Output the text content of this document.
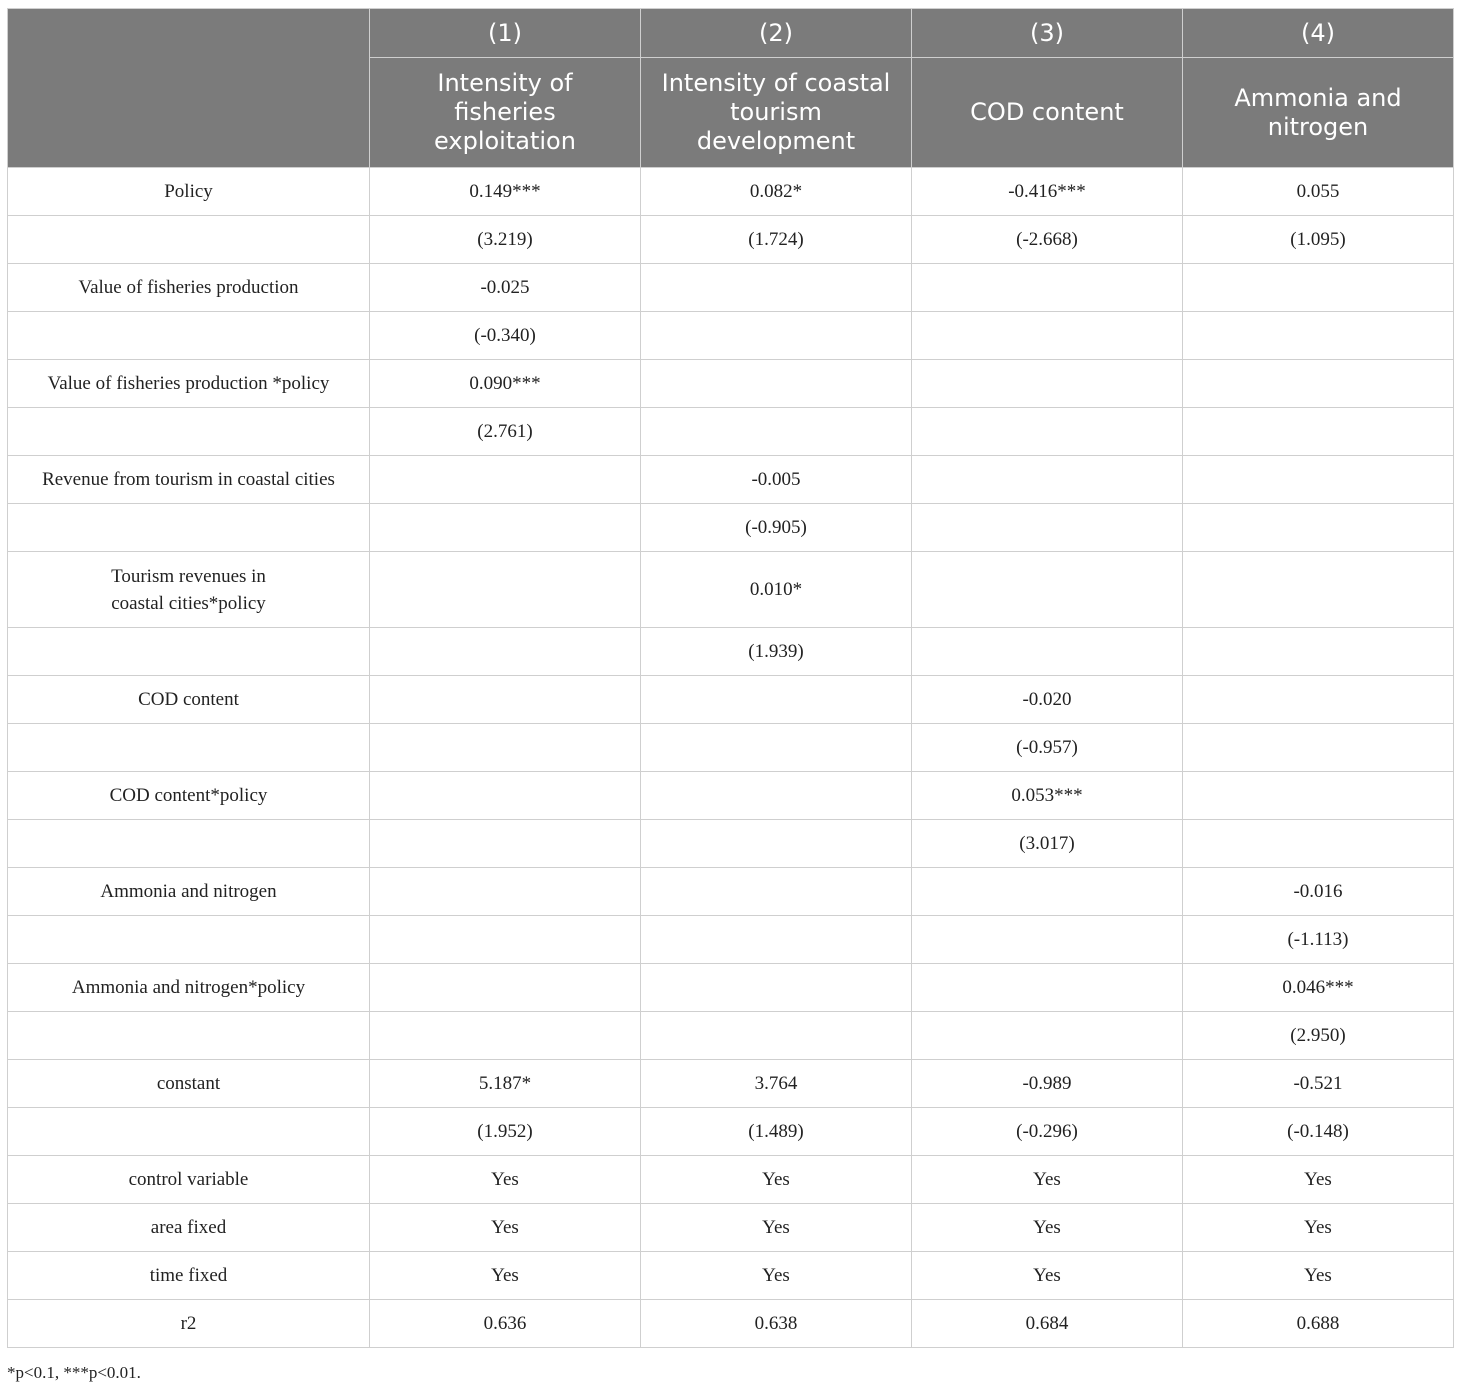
	(1)	(2)	(3)	(4)

	Intensity of fisheries exploitation	Intensity of coastal tourism development	COD content	Ammonia and nitrogen

Policy	0.149***	0.082*	-0.416***	0.055
	(3.219)	(1.724)	(-2.668)	(1.095)
Value of fisheries production	-0.025			
	(-0.340)			
Value of fisheries production *policy	0.090***			
	(2.761)			
Revenue from tourism in coastal cities		-0.005		
		(-0.905)		

Tourism revenues in coastal cities*policy		0.010*		
		(1.939)		
COD content			-0.020	
			(-0.957)	
COD content*policy			0.053***	
			(3.017)	
Ammonia and nitrogen				-0.016
				(-1.113)
Ammonia and nitrogen*policy				0.046***
				(2.950)
constant	5.187*	3.764	-0.989	-0.521
	(1.952)	(1.489)	(-0.296)	(-0.148)
control variable	Yes	Yes	Yes	Yes
area fixed	Yes	Yes	Yes	Yes
time fixed	Yes	Yes	Yes	Yes
r2	0.636	0.638	0.684	0.688
*p<0.1, ***p<0.01.
